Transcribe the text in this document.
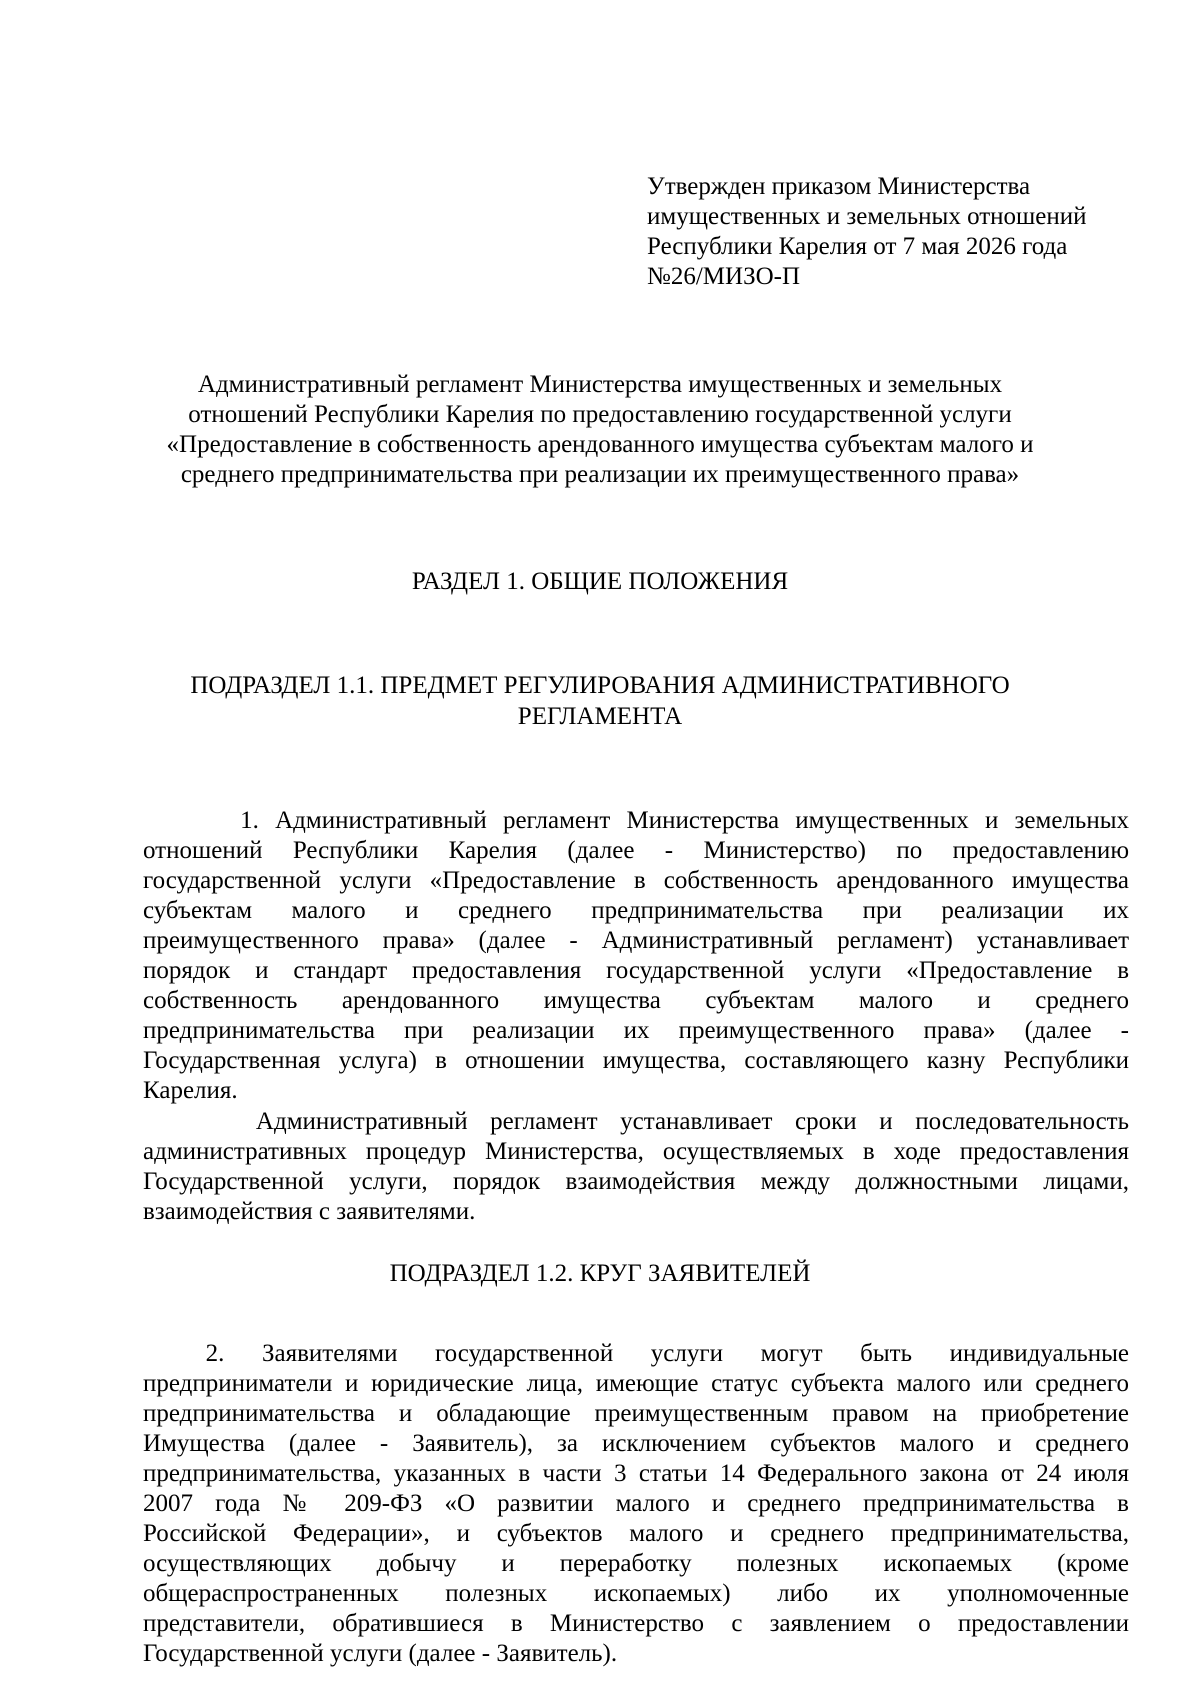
Утвержден приказом Министерства
имущественных и земельных отношений
Республики Карелия от 7 мая 2026 года
№26/МИЗО-П
Административный регламент Министерства имущественных и земельных
отношений Республики Карелия по предоставлению государственной услуги
«Предоставление в собственность арендованного имущества субъектам малого и
среднего предпринимательства при реализации их преимущественного права»
РАЗДЕЛ 1. ОБЩИЕ ПОЛОЖЕНИЯ
ПОДРАЗДЕЛ 1.1. ПРЕДМЕТ РЕГУЛИРОВАНИЯ АДМИНИСТРАТИВНОГО
РЕГЛАМЕНТА
1. Административный регламент Министерства имущественных и земельных
отношений Республики Карелия (далее - Министерство) по предоставлению
государственной услуги «Предоставление в собственность арендованного имущества
субъектам малого и среднего предпринимательства при реализации их
преимущественного права» (далее - Административный регламент) устанавливает
порядок и стандарт предоставления государственной услуги «Предоставление в
собственность арендованного имущества субъектам малого и среднего
предпринимательства при реализации их преимущественного права» (далее -
Государственная услуга) в отношении имущества, составляющего казну Республики
Карелия.
Административный регламент устанавливает сроки и последовательность
административных процедур Министерства, осуществляемых в ходе предоставления
Государственной услуги, порядок взаимодействия между должностными лицами,
взаимодействия с заявителями.
ПОДРАЗДЕЛ 1.2. КРУГ ЗАЯВИТЕЛЕЙ
2.   Заявителями   государственной   услуги   могут   быть   индивидуальные
предприниматели и юридические лица, имеющие статус субъекта малого или среднего
предпринимательства и обладающие преимущественным правом на приобретение
Имущества (далее - Заявитель), за исключением субъектов малого и среднего
предпринимательства, указанных в части 3 статьи 14 Федерального закона от 24 июля
2007 года № 209-ФЗ «О развитии малого и среднего предпринимательства в
Российской Федерации», и субъектов малого и среднего предпринимательства,
осуществляющих добычу и переработку полезных ископаемых (кроме
общераспространенных полезных ископаемых) либо их уполномоченные
представители, обратившиеся в Министерство с заявлением о предоставлении
Государственной услуги (далее - Заявитель).
